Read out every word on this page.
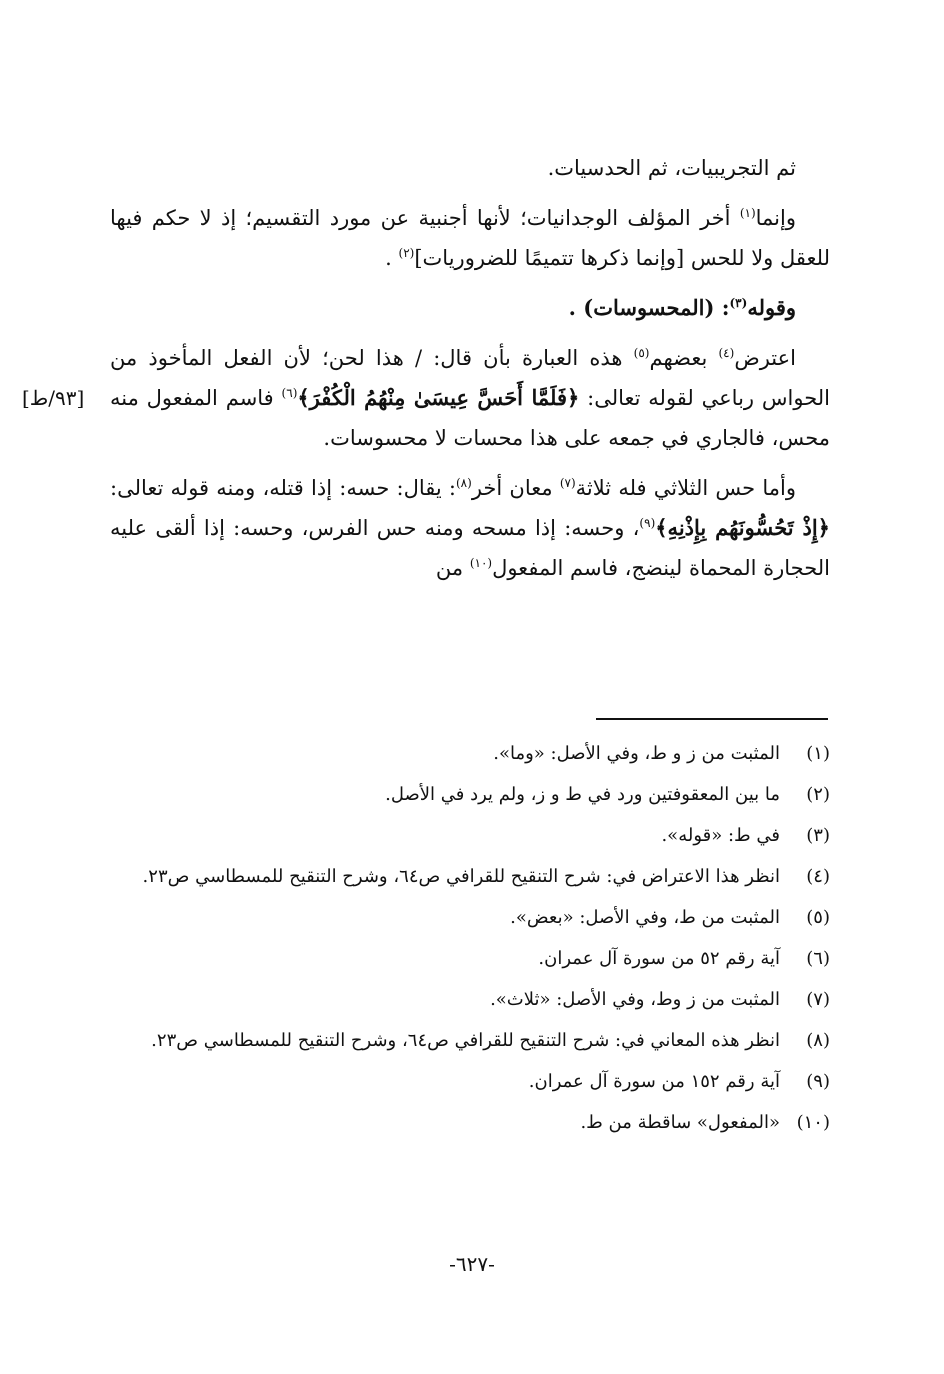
ثم التجريبيات، ثم الحدسيات.

وإنما$^{(١)}$ أخر المؤلف الوجدانيات؛ لأنها أجنبية عن مورد التقسيم؛ إذ لا حكم فيها للعقل ولا للحس [وإنما ذكرها تتميمًا للضروريات]$^{(٢)}$ .

وقوله$^{(٣)}$: (المحسوسات) .

اعترض$^{(٤)}$ بعضهم$^{(٥)}$ هذه العبارة بأن قال: / هذا لحن؛ لأن الفعل المأخوذ من الحواس رباعي لقوله تعالى: ﴿فَلَمَّا أَحَسَّ عِيسَىٰ مِنْهُمُ الْكُفْرَ﴾$^{(٦)}$ فاسم المفعول منه محس، فالجاري في جمعه على هذا محسات لا محسوسات.

وأما حس الثلاثي فله ثلاثة$^{(٧)}$ معان أخر$^{(٨)}$: يقال: حسه: إذا قتله، ومنه قوله تعالى: ﴿إِذْ تَحُسُّونَهُم بِإِذْنِهِ﴾$^{(٩)}$، وحسه: إذا مسحه ومنه حس الفرس، وحسه: إذا ألقى عليه الحجارة المحماة لينضج، فاسم المفعول$^{(١٠)}$ من

[٩٣/ط]
(١)
المثبت من ز و ط، وفي الأصل: «وما».
(٢)
ما بين المعقوفتين ورد في ط و ز، ولم يرد في الأصل.
(٣)
في ط: «قوله».
(٤)
انظر هذا الاعتراض في: شرح التنقيح للقرافي ص٦٤، وشرح التنقيح للمسطاسي ص٢٣.
(٥)
المثبت من ط، وفي الأصل: «بعض».
(٦)
آية رقم ٥٢ من سورة آل عمران.
(٧)
المثبت من ز وط، وفي الأصل: «ثلاث».
(٨)
انظر هذه المعاني في: شرح التنقيح للقرافي ص٦٤، وشرح التنقيح للمسطاسي ص٢٣.
(٩)
آية رقم ١٥٢ من سورة آل عمران.
(١٠)
«المفعول» ساقطة من ط.
-٦٢٧-
